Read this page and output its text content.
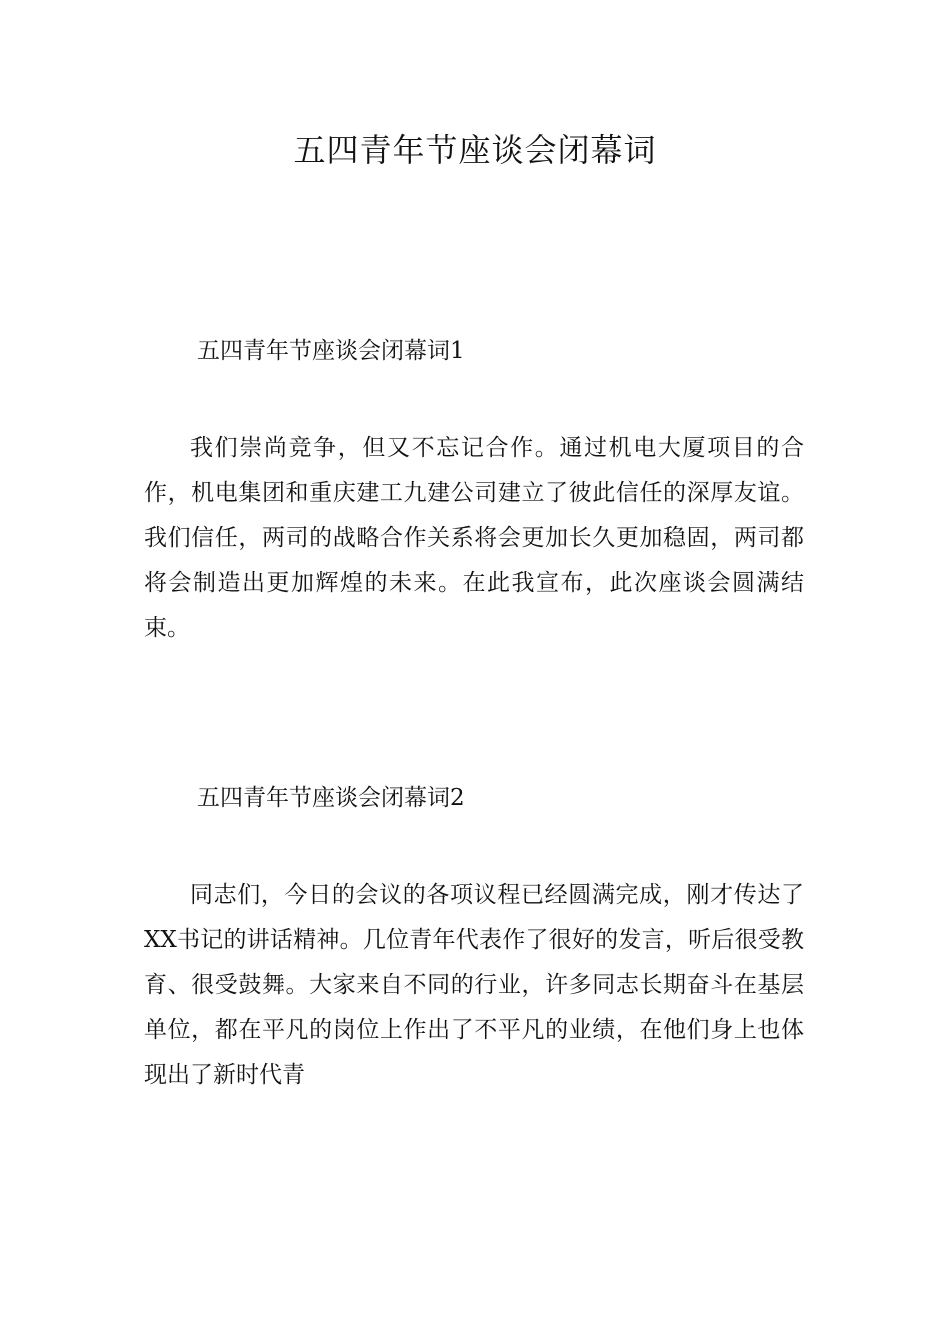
五四青年节座谈会闭幕词
五四青年节座谈会闭幕词1

我们崇尚竞争，但又不忘记合作。通过机电大厦项目的合作，机电集团和重庆建工九建公司建立了彼此信任的深厚友谊。我们信任，两司的战略合作关系将会更加长久更加稳固，两司都将会制造出更加辉煌的未来。在此我宣布，此次座谈会圆满结束。

五四青年节座谈会闭幕词2

同志们，今日的会议的各项议程已经圆满完成，刚才传达了XX书记的讲话精神。几位青年代表作了很好的发言，听后很受教育、很受鼓舞。大家来自不同的行业，许多同志长期奋斗在基层单位，都在平凡的岗位上作出了不平凡的业绩，在他们身上也体现出了新时代青
